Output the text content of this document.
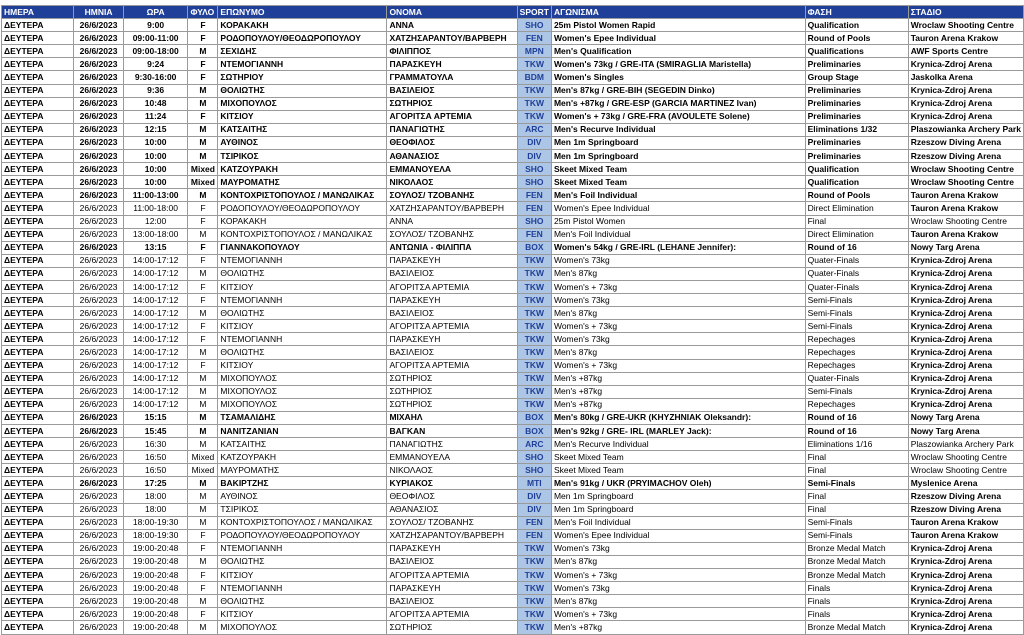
ΗΜΕΡΑ	ΗΜΝΙΑ	ΩΡΑ	ΦΥΛΟ	ΕΠΩΝΥΜΟ	ΟΝΟΜΑ	SPORT	ΑΓΩΝΙΣΜΑ	ΦΑΣΗ	ΣΤΑΔΙΟ
ΔΕΥΤΕΡΑ	26/6/2023	9:00	F	ΚΟΡΑΚΑΚΗ	ΑΝΝΑ	SHO	25m Pistol Women Rapid	Qualification	Wroclaw Shooting Centre
ΔΕΥΤΕΡΑ	26/6/2023	09:00-11:00	F	ΡΟΔΟΠΟΥΛΟΥ/ΘΕΟΔΩΡΟΠΟΥΛΟΥ	ΧΑΤΖΗΣΑΡΑΝΤΟΥ/ΒΑΡΒΕΡΗ	FEN	Women's Epee Individual	Round of Pools	Tauron Arena Krakow
ΔΕΥΤΕΡΑ	26/6/2023	09:00-18:00	M	ΣΕΧΙΔΗΣ	ΦΙΛΙΠΠΟΣ	MPN	Men's Qualification	Qualifications	AWF Sports Centre
ΔΕΥΤΕΡΑ	26/6/2023	9:24	F	ΝΤΕΜΟΓΙΑΝΝΗ	ΠΑΡΑΣΚΕΥΗ	TKW	Women's 73kg / GRE-ITA (SMIRAGLIA Maristella)	Preliminaries	Krynica-Zdroj Arena
ΔΕΥΤΕΡΑ	26/6/2023	9:30-16:00	F	ΣΩΤΗΡΙΟΥ	ΓΡΑΜΜΑΤΟΥΛΑ	BDM	Women's Singles	Group Stage	Jaskolka Arena
ΔΕΥΤΕΡΑ	26/6/2023	9:36	M	ΘΟΛΙΩΤΗΣ	ΒΑΣΙΛΕΙΟΣ	TKW	Men's 87kg / GRE-BIH (SEGEDIN Dinko)	Preliminaries	Krynica-Zdroj Arena
ΔΕΥΤΕΡΑ	26/6/2023	10:48	M	ΜΙΧΟΠΟΥΛΟΣ	ΣΩΤΗΡΙΟΣ	TKW	Men's +87kg / GRE-ESP (GARCIA MARTINEZ Ivan)	Preliminaries	Krynica-Zdroj Arena
ΔΕΥΤΕΡΑ	26/6/2023	11:24	F	ΚΙΤΣΙΟΥ	ΑΓΟΡΙΤΣΑ ΑΡΤΕΜΙΑ	TKW	Women's + 73kg / GRE-FRA (AVOULETE Solene)	Preliminaries	Krynica-Zdroj Arena
ΔΕΥΤΕΡΑ	26/6/2023	12:15	M	ΚΑΤΣΑΙΤΗΣ	ΠΑΝΑΓΙΩΤΗΣ	ARC	Men's Recurve Individual	Eliminations 1/32	Plaszowianka Archery Park
ΔΕΥΤΕΡΑ	26/6/2023	10:00	M	ΑΥΘΙΝΟΣ	ΘΕΟΦΙΛΟΣ	DIV	Men 1m Springboard	Preliminaries	Rzeszow Diving Arena
ΔΕΥΤΕΡΑ	26/6/2023	10:00	M	ΤΣΙΡΙΚΟΣ	ΑΘΑΝΑΣΙΟΣ	DIV	Men 1m Springboard	Preliminaries	Rzeszow Diving Arena
ΔΕΥΤΕΡΑ	26/6/2023	10:00	Mixed	ΚΑΤΖΟΥΡΑΚΗ	ΕΜΜΑΝΟΥΕΛΑ	SHO	Skeet Mixed Team	Qualification	Wroclaw Shooting Centre
ΔΕΥΤΕΡΑ	26/6/2023	10:00	Mixed	ΜΑΥΡΟΜΑΤΗΣ	ΝΙΚΟΛΑΟΣ	SHO	Skeet Mixed Team	Qualification	Wroclaw Shooting Centre
ΔΕΥΤΕΡΑ	26/6/2023	11:00-13:00	M	ΚΟΝΤΟΧΡΙΣΤΟΠΟΥΛΟΣ / ΜΑΝΩΛΙΚΑΣ	ΣΟΥΛΟΣ/ ΤΖΟΒΑΝΗΣ	FEN	Men's Foil Individual	Round of Pools	Tauron Arena Krakow
ΔΕΥΤΕΡΑ	26/6/2023	11:00-18:00	F	ΡΟΔΟΠΟΥΛΟΥ/ΘΕΟΔΩΡΟΠΟΥΛΟΥ	ΧΑΤΖΗΣΑΡΑΝΤΟΥ/ΒΑΡΒΕΡΗ	FEN	Women's Epee Individual	Direct Elimination	Tauron Arena Krakow
ΔΕΥΤΕΡΑ	26/6/2023	12:00	F	ΚΟΡΑΚΑΚΗ	ΑΝΝΑ	SHO	25m Pistol Women	Final	Wroclaw Shooting Centre
ΔΕΥΤΕΡΑ	26/6/2023	13:00-18:00	M	ΚΟΝΤΟΧΡΙΣΤΟΠΟΥΛΟΣ / ΜΑΝΩΛΙΚΑΣ	ΣΟΥΛΟΣ/ ΤΖΟΒΑΝΗΣ	FEN	Men's Foil Individual	Direct Elimination	Tauron Arena Krakow
ΔΕΥΤΕΡΑ	26/6/2023	13:15	F	ΓΙΑΝΝΑΚΟΠΟΥΛΟΥ	ΑΝΤΩΝΙΑ - ΦΙΛΙΠΠΑ	BOX	Women's 54kg / GRE-IRL (LEHANE Jennifer):	Round of 16	Nowy Targ Arena
ΔΕΥΤΕΡΑ	26/6/2023	14:00-17:12	F	ΝΤΕΜΟΓΙΑΝΝΗ	ΠΑΡΑΣΚΕΥΗ	TKW	Women's 73kg	Quater-Finals	Krynica-Zdroj Arena
ΔΕΥΤΕΡΑ	26/6/2023	14:00-17:12	M	ΘΟΛΙΩΤΗΣ	ΒΑΣΙΛΕΙΟΣ	TKW	Men's 87kg	Quater-Finals	Krynica-Zdroj Arena
ΔΕΥΤΕΡΑ	26/6/2023	14:00-17:12	F	ΚΙΤΣΙΟΥ	ΑΓΟΡΙΤΣΑ ΑΡΤΕΜΙΑ	TKW	Women's + 73kg	Quater-Finals	Krynica-Zdroj Arena
ΔΕΥΤΕΡΑ	26/6/2023	14:00-17:12	F	ΝΤΕΜΟΓΙΑΝΝΗ	ΠΑΡΑΣΚΕΥΗ	TKW	Women's 73kg	Semi-Finals	Krynica-Zdroj Arena
ΔΕΥΤΕΡΑ	26/6/2023	14:00-17:12	M	ΘΟΛΙΩΤΗΣ	ΒΑΣΙΛΕΙΟΣ	TKW	Men's 87kg	Semi-Finals	Krynica-Zdroj Arena
ΔΕΥΤΕΡΑ	26/6/2023	14:00-17:12	F	ΚΙΤΣΙΟΥ	ΑΓΟΡΙΤΣΑ ΑΡΤΕΜΙΑ	TKW	Women's + 73kg	Semi-Finals	Krynica-Zdroj Arena
ΔΕΥΤΕΡΑ	26/6/2023	14:00-17:12	F	ΝΤΕΜΟΓΙΑΝΝΗ	ΠΑΡΑΣΚΕΥΗ	TKW	Women's 73kg	Repechages	Krynica-Zdroj Arena
ΔΕΥΤΕΡΑ	26/6/2023	14:00-17:12	M	ΘΟΛΙΩΤΗΣ	ΒΑΣΙΛΕΙΟΣ	TKW	Men's 87kg	Repechages	Krynica-Zdroj Arena
ΔΕΥΤΕΡΑ	26/6/2023	14:00-17:12	F	ΚΙΤΣΙΟΥ	ΑΓΟΡΙΤΣΑ ΑΡΤΕΜΙΑ	TKW	Women's + 73kg	Repechages	Krynica-Zdroj Arena
ΔΕΥΤΕΡΑ	26/6/2023	14:00-17:12	M	ΜΙΧΟΠΟΥΛΟΣ	ΣΩΤΗΡΙΟΣ	TKW	Men's +87kg	Quater-Finals	Krynica-Zdroj Arena
ΔΕΥΤΕΡΑ	26/6/2023	14:00-17:12	M	ΜΙΧΟΠΟΥΛΟΣ	ΣΩΤΗΡΙΟΣ	TKW	Men's +87kg	Semi-Finals	Krynica-Zdroj Arena
ΔΕΥΤΕΡΑ	26/6/2023	14:00-17:12	M	ΜΙΧΟΠΟΥΛΟΣ	ΣΩΤΗΡΙΟΣ	TKW	Men's +87kg	Repechages	Krynica-Zdroj Arena
ΔΕΥΤΕΡΑ	26/6/2023	15:15	M	ΤΣΑΜΑΛΙΔΗΣ	ΜΙΧΑΗΛ	BOX	Men's 80kg / GRE-UKR (KHYZHNIAK Oleksandr):	Round of 16	Nowy Targ Arena
ΔΕΥΤΕΡΑ	26/6/2023	15:45	M	ΝΑΝΙΤΖΑΝΙΑΝ	ΒΑΓΚΑΝ	BOX	Men's 92kg / GRE- IRL (MARLEY Jack):	Round of 16	Nowy Targ Arena
ΔΕΥΤΕΡΑ	26/6/2023	16:30	M	ΚΑΤΣΑΙΤΗΣ	ΠΑΝΑΓΙΩΤΗΣ	ARC	Men's Recurve Individual	Eliminations 1/16	Plaszowianka Archery Park
ΔΕΥΤΕΡΑ	26/6/2023	16:50	Mixed	ΚΑΤΖΟΥΡΑΚΗ	ΕΜΜΑΝΟΥΕΛΑ	SHO	Skeet Mixed Team	Final	Wroclaw Shooting Centre
ΔΕΥΤΕΡΑ	26/6/2023	16:50	Mixed	ΜΑΥΡΟΜΑΤΗΣ	ΝΙΚΟΛΑΟΣ	SHO	Skeet Mixed Team	Final	Wroclaw Shooting Centre
ΔΕΥΤΕΡΑ	26/6/2023	17:25	M	ΒΑΚΙΡΤΖΗΣ	ΚΥΡΙΑΚΟΣ	MTI	Men's 91kg / UKR (PRYIMACHOV Oleh)	Semi-Finals	Myslenice Arena
ΔΕΥΤΕΡΑ	26/6/2023	18:00	M	ΑΥΘΙΝΟΣ	ΘΕΟΦΙΛΟΣ	DIV	Men 1m Springboard	Final	Rzeszow Diving Arena
ΔΕΥΤΕΡΑ	26/6/2023	18:00	M	ΤΣΙΡΙΚΟΣ	ΑΘΑΝΑΣΙΟΣ	DIV	Men 1m Springboard	Final	Rzeszow Diving Arena
ΔΕΥΤΕΡΑ	26/6/2023	18:00-19:30	M	ΚΟΝΤΟΧΡΙΣΤΟΠΟΥΛΟΣ / ΜΑΝΩΛΙΚΑΣ	ΣΟΥΛΟΣ/ ΤΖΟΒΑΝΗΣ	FEN	Men's Foil Individual	Semi-Finals	Tauron Arena Krakow
ΔΕΥΤΕΡΑ	26/6/2023	18:00-19:30	F	ΡΟΔΟΠΟΥΛΟΥ/ΘΕΟΔΩΡΟΠΟΥΛΟΥ	ΧΑΤΖΗΣΑΡΑΝΤΟΥ/ΒΑΡΒΕΡΗ	FEN	Women's Epee Individual	Semi-Finals	Tauron Arena Krakow
ΔΕΥΤΕΡΑ	26/6/2023	19:00-20:48	F	ΝΤΕΜΟΓΙΑΝΝΗ	ΠΑΡΑΣΚΕΥΗ	TKW	Women's 73kg	Bronze Medal Match	Krynica-Zdroj Arena
ΔΕΥΤΕΡΑ	26/6/2023	19:00-20:48	M	ΘΟΛΙΩΤΗΣ	ΒΑΣΙΛΕΙΟΣ	TKW	Men's 87kg	Bronze Medal Match	Krynica-Zdroj Arena
ΔΕΥΤΕΡΑ	26/6/2023	19:00-20:48	F	ΚΙΤΣΙΟΥ	ΑΓΟΡΙΤΣΑ ΑΡΤΕΜΙΑ	TKW	Women's + 73kg	Bronze Medal Match	Krynica-Zdroj Arena
ΔΕΥΤΕΡΑ	26/6/2023	19:00-20:48	F	ΝΤΕΜΟΓΙΑΝΝΗ	ΠΑΡΑΣΚΕΥΗ	TKW	Women's 73kg	Finals	Krynica-Zdroj Arena
ΔΕΥΤΕΡΑ	26/6/2023	19:00-20:48	M	ΘΟΛΙΩΤΗΣ	ΒΑΣΙΛΕΙΟΣ	TKW	Men's 87kg	Finals	Krynica-Zdroj Arena
ΔΕΥΤΕΡΑ	26/6/2023	19:00-20:48	F	ΚΙΤΣΙΟΥ	ΑΓΟΡΙΤΣΑ ΑΡΤΕΜΙΑ	TKW	Women's + 73kg	Finals	Krynica-Zdroj Arena
ΔΕΥΤΕΡΑ	26/6/2023	19:00-20:48	M	ΜΙΧΟΠΟΥΛΟΣ	ΣΩΤΗΡΙΟΣ	TKW	Men's +87kg	Bronze Medal Match	Krynica-Zdroj Arena
